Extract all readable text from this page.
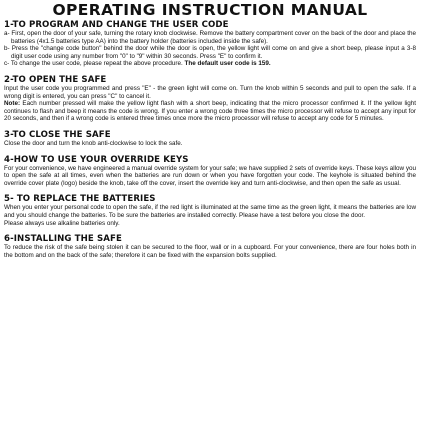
OPERATING INSTRUCTION MANUAL
1-TO PROGRAM AND CHANGE THE USER CODE

a- First, open the door of your safe, turning the rotary knob clockwise. Remove the battery compartment cover on the back of the door and place the batteries (4x1.5 batteries type AA) into the battery holder (batteries included inside the safe).

b- Press the "change code button" behind the door while the door is open, the yellow light will come on and give a short beep, please input a 3-8 digit user code using any number from "0" to "9" within 30 seconds. Press "E" to confirm it.

c- To change the user code, please repeat the above procedure. The default user code is 159.

2-TO OPEN THE SAFE

Input the user code you programmed and press "E" - the green light will come on. Turn the knob within 5 seconds and pull to open the safe. If a wrong digit is entered, you can press "C" to cancel it.

Note: Each number pressed will make the yellow light flash with a short beep, indicating that the micro processor confirmed it. If the yellow light continues to flash and beep it means the code is wrong. If you enter a wrong code three times the micro processor will refuse to accept any input for 20 seconds, and then if a wrong code is entered three times once more the micro processor will refuse to accept any code for 5 minutes.

3-TO CLOSE THE SAFE

Close the door and turn the knob anti-clockwise to lock the safe.

4-HOW TO USE YOUR OVERRIDE KEYS

For your convenience, we have engineered a manual override system for your safe; we have supplied 2 sets of override keys. These keys allow you to open the safe at all times, even when the batteries are run down or when you have forgotten your code. The keyhole is situated behind the override cover plate (logo) beside the knob, take off the cover, insert the override key and turn anti-clockwise, and then open the safe as usual.

5- TO REPLACE THE BATTERIES

When you enter your personal code to open the safe, if the red light is illuminated at the same time as the green light, it means the batteries are low and you should change the batteries. To be sure the batteries are installed correctly. Please have a test before you close the door.

Please always use alkaline batteries only.

6-INSTALLING THE SAFE

To reduce the risk of the safe being stolen it can be secured to the floor, wall or in a cupboard. For your convenience, there are four holes both in the bottom and on the back of the safe; therefore it can be fixed with the expansion bolts supplied.
